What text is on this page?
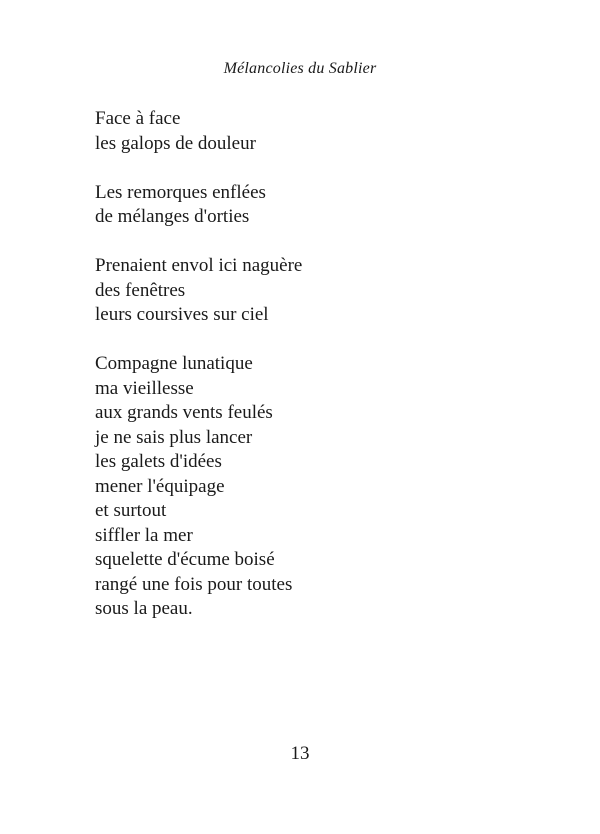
Mélancolies du Sablier
Face à face
les galops de douleur
Les remorques enflées
de mélanges d'orties
Prenaient envol ici naguère
des fenêtres
leurs coursives sur ciel
Compagne lunatique
ma vieillesse
aux grands vents feulés
je ne sais plus lancer
les galets d'idées
mener l'équipage
et surtout
siffler la mer
squelette d'écume boisé
rangé une fois pour toutes
sous la peau.
13
